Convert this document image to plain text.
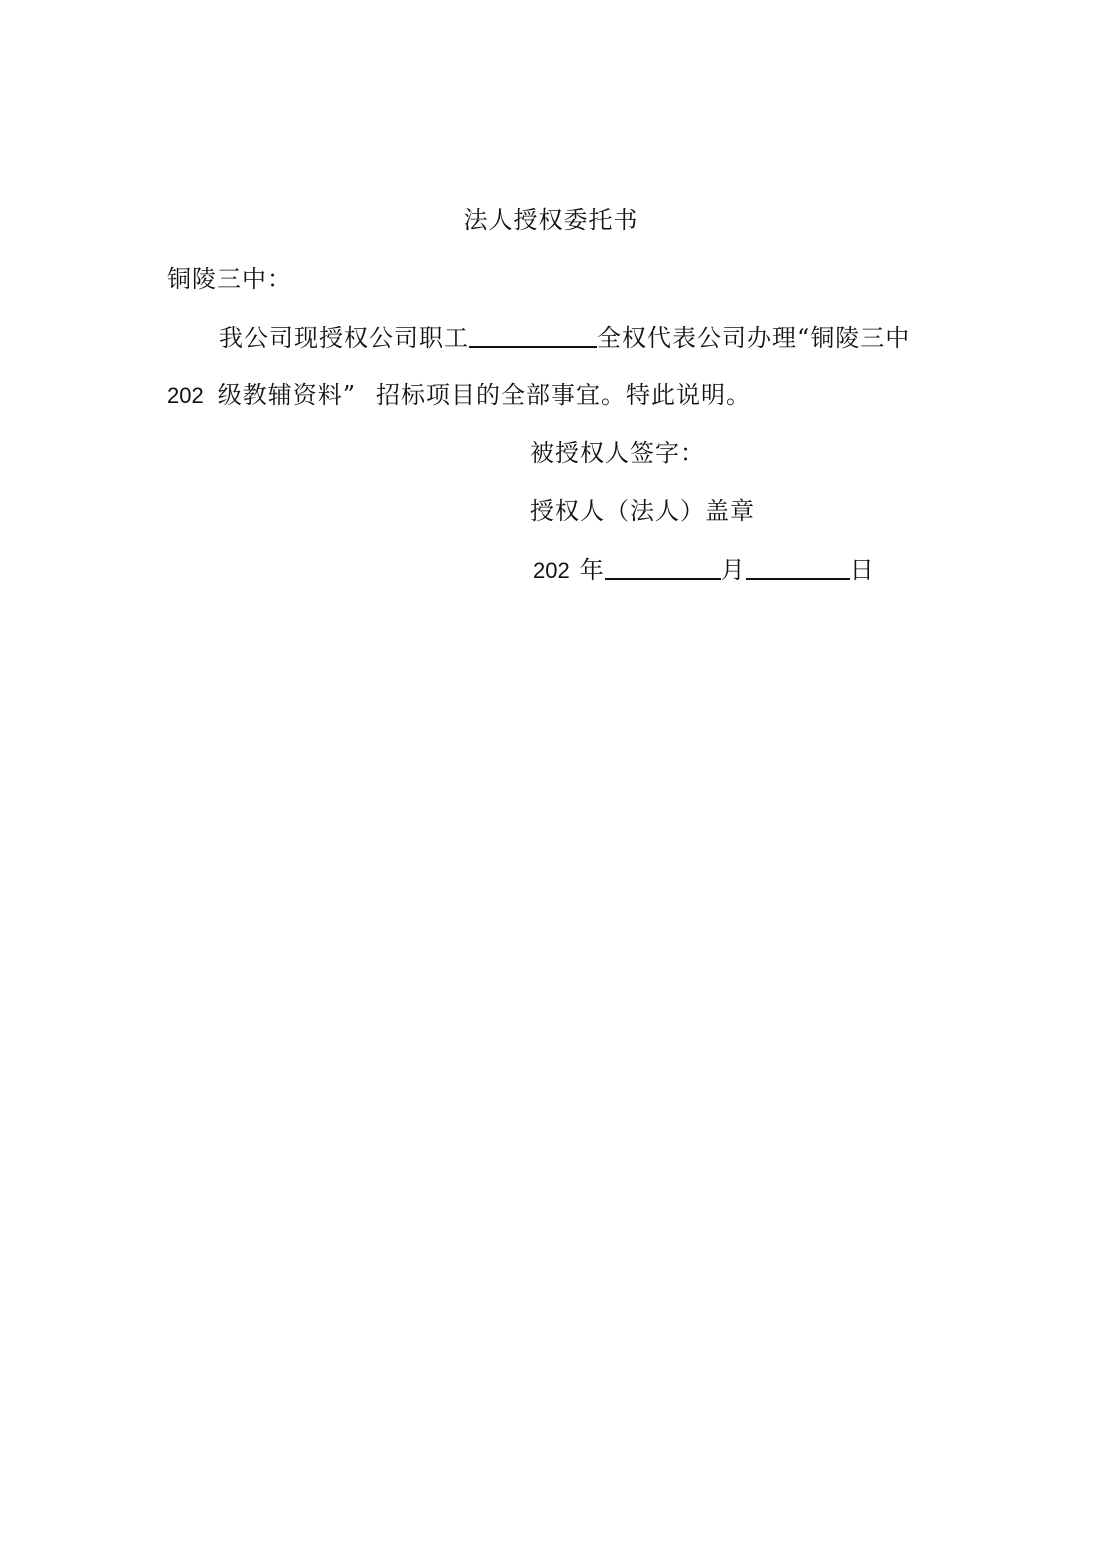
法人授权委托书
铜陵三中：
我公司现授权公司职工	全权代表公司办理“铜陵三中
202 级教辅资料” 招标项目的全部事宜。特此说明。
被授权人签字：
授权人（法人）盖章
202 年	月	日
